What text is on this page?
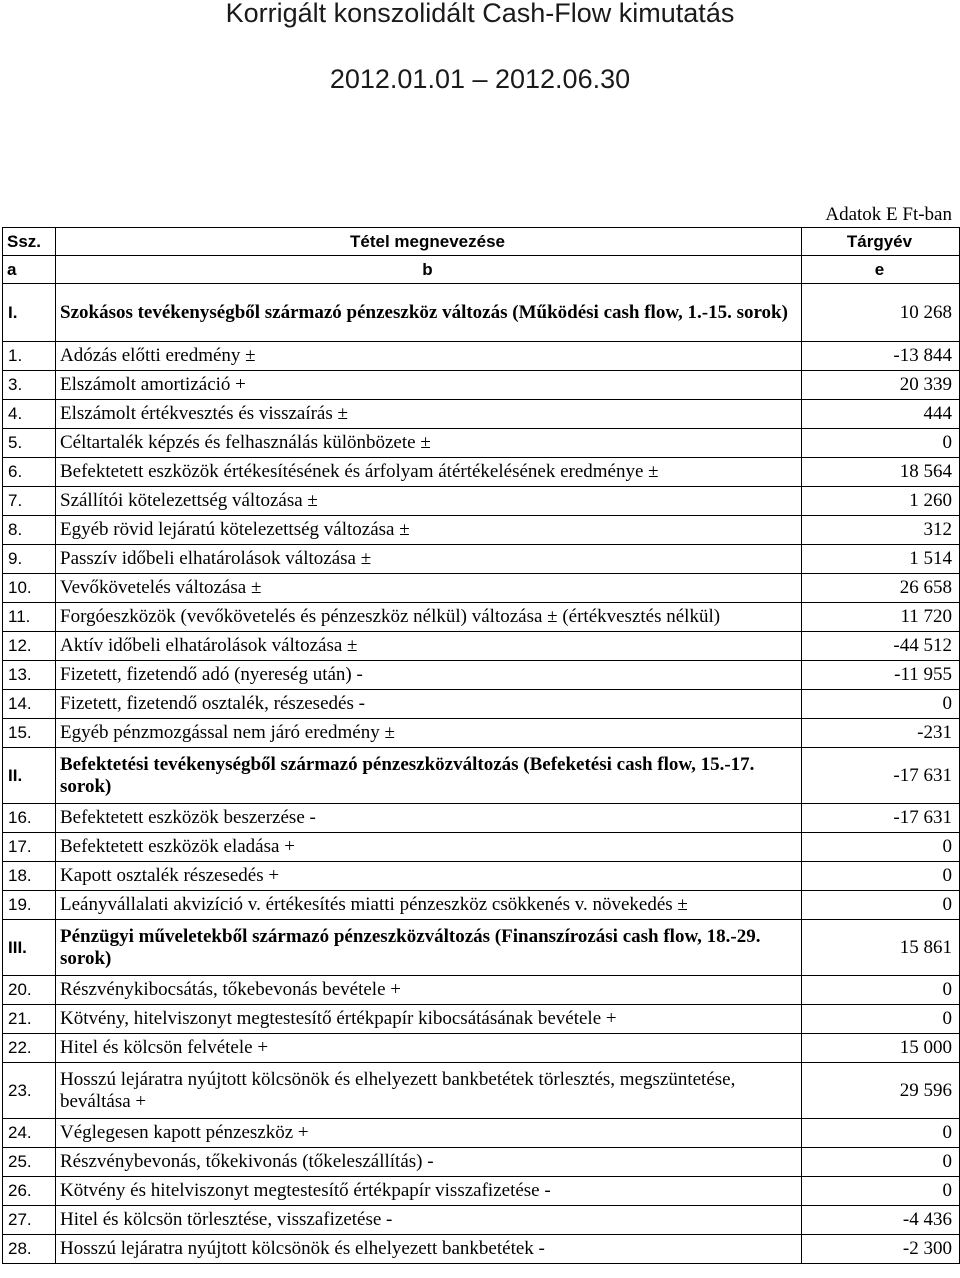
Korrigált konszolidált Cash-Flow kimutatás
2012.01.01 – 2012.06.30
Adatok E Ft-ban
Ssz.	Tétel megnevezése	Tárgyév
a	b	e
I.	Szokásos tevékenységből származó pénzeszköz változás (Működési cash flow, 1.-15. sorok)	10 268
1.	Adózás előtti eredmény ±	-13 844
3.	Elszámolt amortizáció +	20 339
4.	Elszámolt értékvesztés és visszaírás ±	444
5.	Céltartalék képzés és felhasználás különbözete ±	0
6.	Befektetett eszközök értékesítésének és árfolyam átértékelésének eredménye ±	18 564
7.	Szállítói kötelezettség változása ±	1 260
8.	Egyéb rövid lejáratú kötelezettség változása ±	312
9.	Passzív időbeli elhatárolások változása ±	1 514
10.	Vevőkövetelés változása ±	26 658
11.	Forgóeszközök (vevőkövetelés és pénzeszköz nélkül) változása ± (értékvesztés nélkül)	11 720
12.	Aktív időbeli elhatárolások változása ±	-44 512
13.	Fizetett, fizetendő adó (nyereség után) -	-11 955
14.	Fizetett, fizetendő osztalék, részesedés -	0
15.	Egyéb pénzmozgással nem járó eredmény ±	-231
II.	Befektetési tevékenységből származó pénzeszközváltozás (Befeketési cash flow, 15.-17. sorok)	-17 631
16.	Befektetett eszközök beszerzése -	-17 631
17.	Befektetett eszközök eladása +	0
18.	Kapott osztalék részesedés +	0
19.	Leányvállalati akvizíció v. értékesítés miatti pénzeszköz csökkenés v. növekedés ±	0
III.	Pénzügyi műveletekből származó pénzeszközváltozás (Finanszírozási cash flow, 18.-29. sorok)	15 861
20.	Részvénykibocsátás, tőkebevonás bevétele +	0
21.	Kötvény, hitelviszonyt megtestesítő értékpapír kibocsátásának bevétele +	0
22.	Hitel és kölcsön felvétele +	15 000
23.	Hosszú lejáratra nyújtott kölcsönök és elhelyezett bankbetétek törlesztés, megszüntetése, beváltása +	29 596
24.	Véglegesen kapott pénzeszköz +	0
25.	Részvénybevonás, tőkekivonás (tőkeleszállítás) -	0
26.	Kötvény és hitelviszonyt megtestesítő értékpapír visszafizetése -	0
27.	Hitel és kölcsön törlesztése, visszafizetése -	-4 436
28.	Hosszú lejáratra nyújtott kölcsönök és elhelyezett bankbetétek -	-2 300
